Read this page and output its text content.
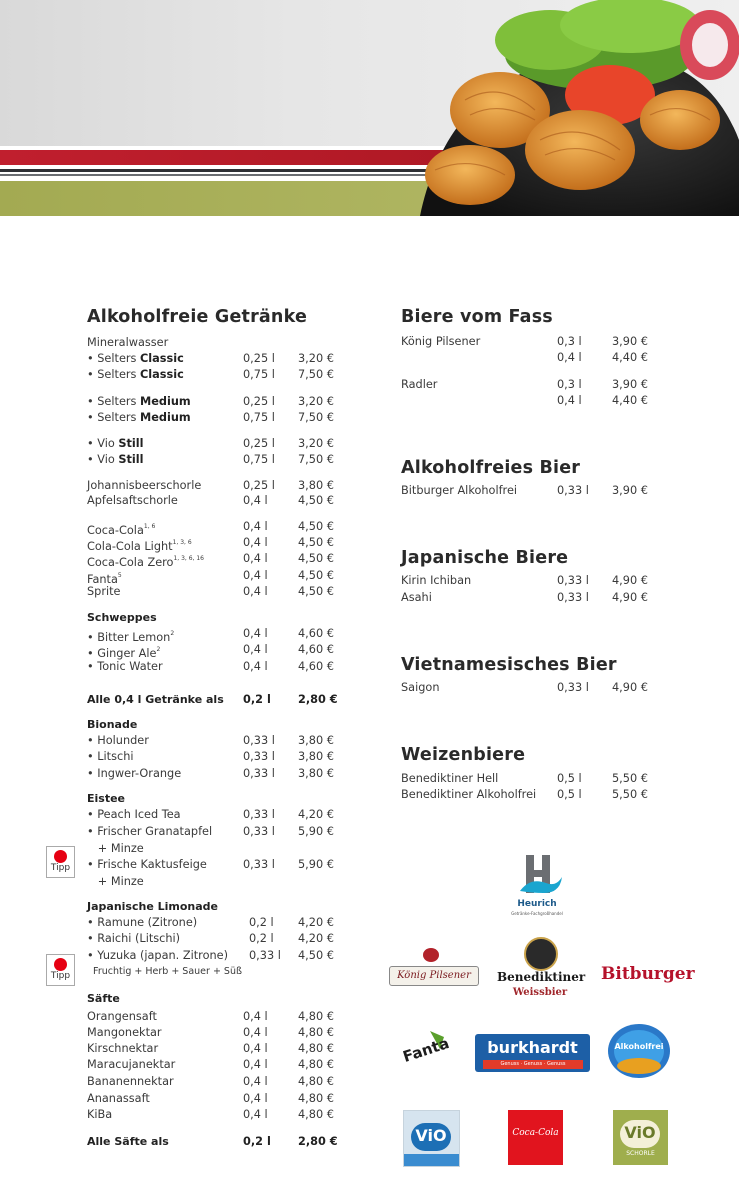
Alkoholfreie Getränke
Mineralwasser
• Selters Classic	0,25 l 3,20 €
• Selters Classic	0,75 l 7,50 €
• Selters Medium	0,25 l 3,20 €
• Selters Medium	0,75 l 7,50 €
• Vio Still	0,25 l 3,20 €
• Vio Still	0,75 l 7,50 €
Johannisbeerschorle	0,25 l 3,80 €
Apfelsaftschorle	0,4 l	4,50 €
Coca-Cola$^{1, 6}$	0,4 l	4,50 €
Cola-Cola Light$^{1, 3, 6}$	0,4 l	4,50 €
Coca-Cola Zero$^{1, 3, 6, 16}$	0,4 l	4,50 €
Fanta$^5$	0,4 l	4,50 €
Sprite	0,4 l	4,50 €
Schweppes
• Bitter Lemon$^2$	0,4 l	4,60 €
• Ginger Ale$^2$	0,4 l	4,60 €
• Tonic Water	0,4 l	4,60 €
Alle 0,4 l Getränke als 0,2 l 2,80 €
Bionade
• Holunder	0,33 l 3,80 €
• Litschi	0,33 l 3,80 €
• Ingwer-Orange	0,33 l 3,80 €
Eistee
• Peach Iced Tea	0,33 l 4,20 €
• Frischer Granatapfel	0,33 l 5,90 €
+ Minze
• Frische Kaktusfeige	0,33 l 5,90 €
+ Minze
Japanische Limonade
• Ramune (Zitrone)	0,2 l 4,20 €
• Raichi (Litschi)	0,2 l 4,20 €
• Yuzuka (japan. Zitrone) 0,33 l 4,50 €
Fruchtig + Herb + Sauer + Süß
Säfte
Orangensaft	0,4 l	4,80 €
Mangonektar	0,4 l	4,80 €
Kirschnektar	0,4 l	4,80 €
Maracujanektar	0,4 l	4,80 €
Bananennektar	0,4 l	4,80 €
Ananassaft	0,4 l	4,80 €
KiBa	0,4 l	4,80 €
Alle Säfte als	0,2 l 2,80 €
Tipp
Tipp
Biere vom Fass
König Pilsener	0,3 l	3,90 €
0,4 l	4,40 €
Radler	0,3 l	3,90 €
0,4 l	4,40 €
Alkoholfreies Bier
Bitburger Alkoholfrei	0,33 l 3,90 €
Japanische Biere
Kirin Ichiban	0,33 l 4,90 €
Asahi	0,33 l 4,90 €
Vietnamesisches Bier
Saigon	0,33 l 4,90 €
Weizenbiere
Benediktiner Hell	0,5 l	5,50 €
Benediktiner Alkoholfrei 0,5 l	5,50 €
Heurich
Getränke-Fachgroßhandel
König Pilsener	Benediktiner
Weissbier
Bitburger
Fanta	burkhardt
Genuss · Genuss · Genuss
Alkoholfrei
ViO	Coca-Cola	ViO
SCHORLE
